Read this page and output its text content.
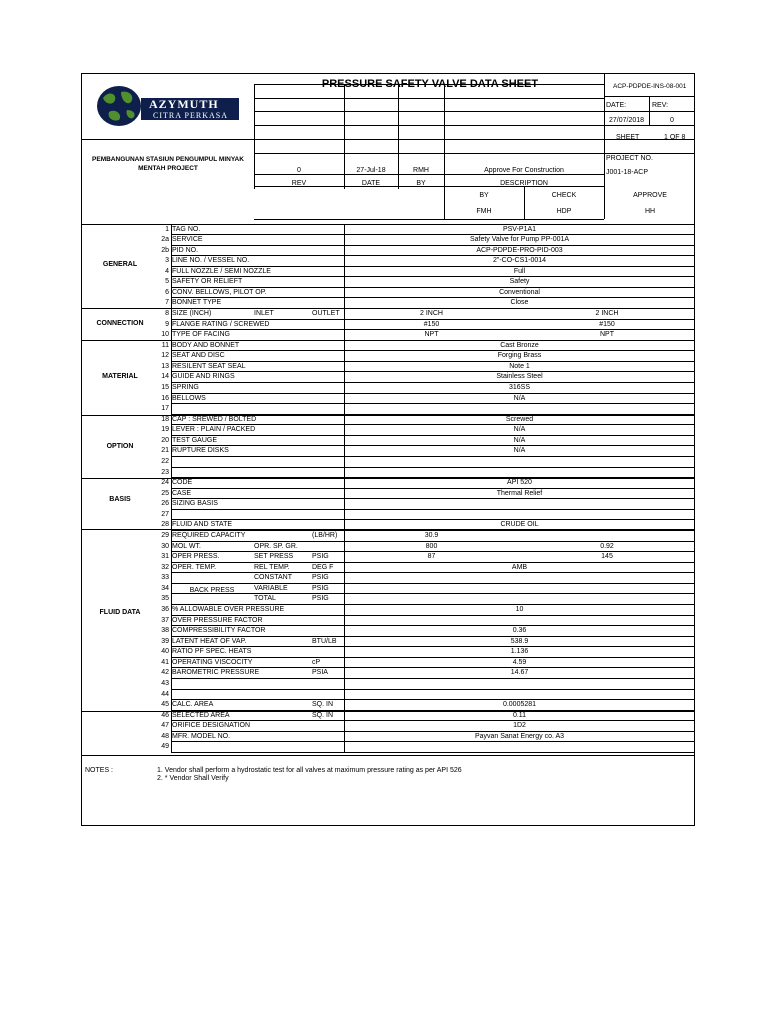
AZYMUTH
CITRA PERKASA
PRESSURE SAFETY VALVE DATA SHEET	ACP-PDPDE-INS-08-001
DATE:	REV:
27/07/2018	0
SHEET	1 OF 8
PROJECT NO.
J001-18-ACP
PEMBANGUNAN STASIUN PENGUMPUL MINYAK
MENTAH PROJECT	0	27-Jul-18	RMH	Approve For Construction
REV	DATE	BY	DESCRIPTION
BY	CHECK	APPROVE
FMH	HDP	HH
GENERAL
CONNECTION
MATERIAL
OPTION
BASIS
FLUID DATA
BACK PRESS
NOTES :	1. Vendor shall perform a hydrostatic test for all valves at maximum pressure rating as per API 526
2. * Vendor Shall Verify
1 TAG NO.	PSV-P1A1
2a SERVICE	Safety Valve for Pump PP-001A
2b PID NO.	ACP-PDPDE-PRO-PID-003
3 LINE NO. / VESSEL NO.	2"-CO-CS1-0014
4 FULL NOZZLE / SEMI NOZZLE	Full
5 SAFETY OR RELIEFT	Safety
6 CONV. BELLOWS, PILOT OP.	Conventional
7 BONNET TYPE	Close
8 SIZE (INCH)	INLET	OUTLET	2 INCH	2 INCH
9 FLANGE RATING / SCREWED	#150	#150
10 TYPE OF FACING	NPT	NPT
11 BODY AND BONNET	Cast Bronze
12 SEAT AND DISC	Forging Brass
13 RESILENT SEAT SEAL	Note 1
14 GUIDE AND RINGS	Stainless Steel
15 SPRING	316SS
16 BELLOWS	N/A
17
18 CAP : SREWED / BOLTED	Screwed
19 LEVER : PLAIN / PACKED	N/A
20 TEST GAUGE	N/A
21 RUPTURE DISKS	N/A
22
23
24 CODE	API 520
25 CASE	Thermal Relief
26 SIZING BASIS
27
28 FLUID AND STATE	CRUDE OIL
29 REQUIRED CAPACITY	(LB/HR)	30.9
30 MOL WT.	OPR. SP. GR.	800	0.92
31 OPER PRESS.	SET PRESS	PSIG	87	145
32 OPER. TEMP.	REL TEMP.	DEG F	AMB
33	CONSTANT	PSIG
34	VARIABLE	PSIG
35	TOTAL	PSIG
36 % ALLOWABLE OVER PRESSURE	10
37 OVER PRESSURE FACTOR
38 COMPRESSIBILITY FACTOR	0.36
39 LATENT HEAT OF VAP.	BTU/LB	538.9
40 RATIO PF SPEC. HEATS	1.136
41 OPERATING VISCOCITY	cP	4.59
42 BAROMETRIC PRESSURE	PSIA	14.67
43
44
45 CALC. AREA	SQ. IN	0.0005281
46 SELECTED AREA	SQ. IN	0.11
47 ORIFICE DESIGNATION	1D2
48 MFR. MODEL NO.	Payvan Sanat Energy co. A3
49
